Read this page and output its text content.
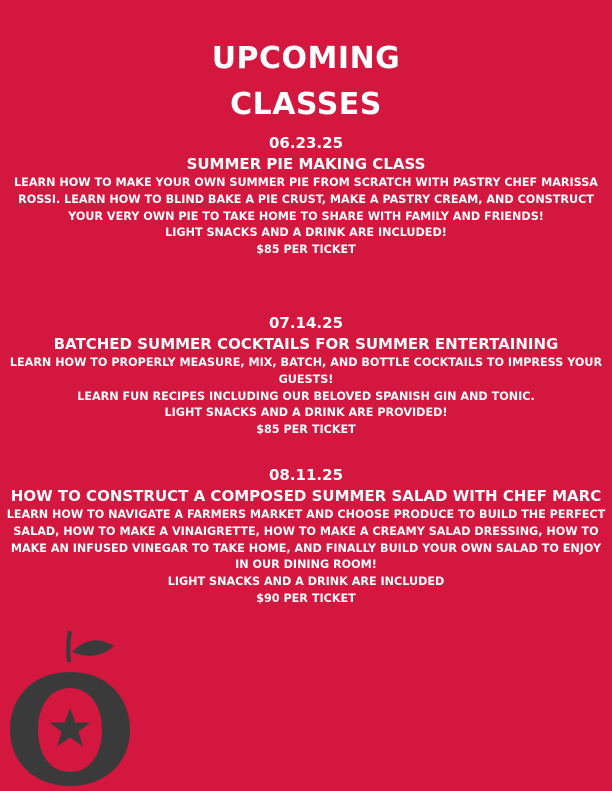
UPCOMING
CLASSES
06.23.25
SUMMER PIE MAKING CLASS
LEARN HOW TO MAKE YOUR OWN SUMMER PIE FROM SCRATCH WITH PASTRY CHEF MARISSA ROSSI. LEARN HOW TO BLIND BAKE A PIE CRUST, MAKE A PASTRY CREAM, AND CONSTRUCT YOUR VERY OWN PIE TO TAKE HOME TO SHARE WITH FAMILY AND FRIENDS!
LIGHT SNACKS AND A DRINK ARE INCLUDED!
$85 PER TICKET
07.14.25
BATCHED SUMMER COCKTAILS FOR SUMMER ENTERTAINING
LEARN HOW TO PROPERLY MEASURE, MIX, BATCH, AND BOTTLE COCKTAILS TO IMPRESS YOUR GUESTS!
LEARN FUN RECIPES INCLUDING OUR BELOVED SPANISH GIN AND TONIC.
LIGHT SNACKS AND A DRINK ARE PROVIDED!
$85 PER TICKET
08.11.25
HOW TO CONSTRUCT A COMPOSED SUMMER SALAD WITH CHEF MARC
LEARN HOW TO NAVIGATE A FARMERS MARKET AND CHOOSE PRODUCE TO BUILD THE PERFECT SALAD, HOW TO MAKE A VINAIGRETTE, HOW TO MAKE A CREAMY SALAD DRESSING, HOW TO MAKE AN INFUSED VINEGAR TO TAKE HOME, AND FINALLY BUILD YOUR OWN SALAD TO ENJOY IN OUR DINING ROOM!
LIGHT SNACKS AND A DRINK ARE INCLUDED
$90 PER TICKET
